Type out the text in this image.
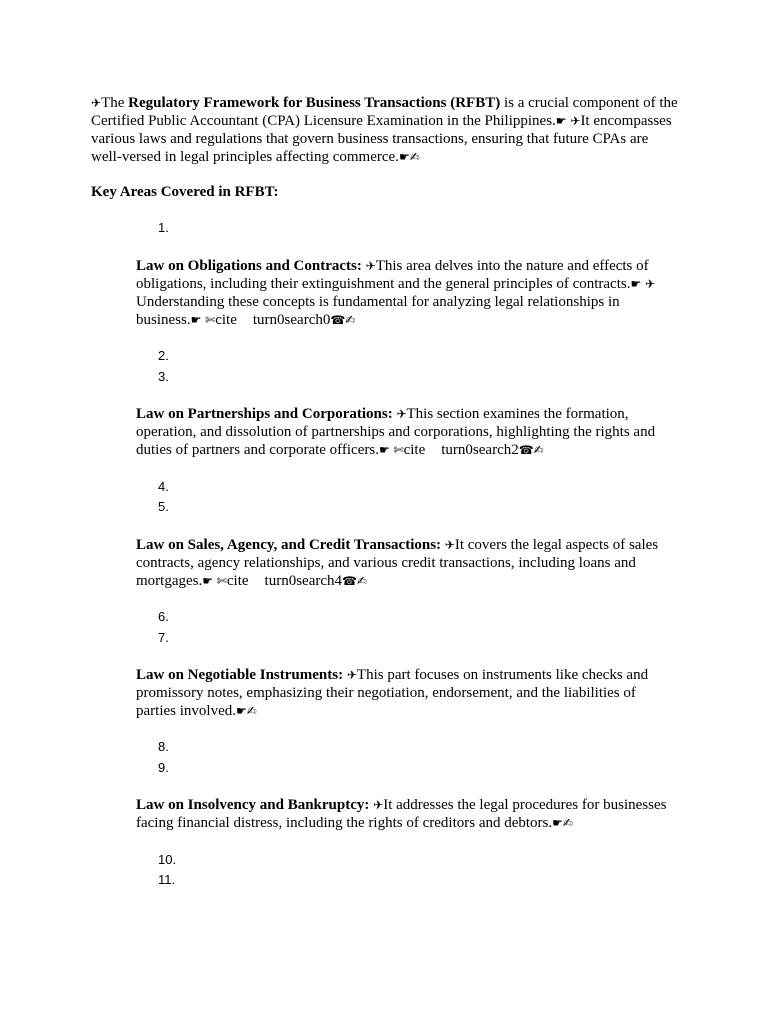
✈The Regulatory Framework for Business Transactions (RFBT) is a crucial component of the Certified Public Accountant (CPA) Licensure Examination in the Philippines.☛ ✈It encompasses various laws and regulations that govern business transactions, ensuring that future CPAs are well-versed in legal principles affecting commerce.☛✍

Key Areas Covered in RFBT:

1.
2.
3.
4.
5.
6.
7.
8.
9.
10.
11.

Law on Obligations and Contracts: ✈This area delves into the nature and effects of obligations, including their extinguishment and the general principles of contracts.☛ ✈Understanding these concepts is fundamental for analyzing legal relationships in business.☛ ✄cite turn0search0☎✍

Law on Partnerships and Corporations: ✈This section examines the formation, operation, and dissolution of partnerships and corporations, highlighting the rights and duties of partners and corporate officers.☛ ✄cite turn0search2☎✍

Law on Sales, Agency, and Credit Transactions: ✈It covers the legal aspects of sales contracts, agency relationships, and various credit transactions, including loans and mortgages.☛ ✄cite turn0search4☎✍

Law on Negotiable Instruments: ✈This part focuses on instruments like checks and promissory notes, emphasizing their negotiation, endorsement, and the liabilities of parties involved.☛✍

Law on Insolvency and Bankruptcy: ✈It addresses the legal procedures for businesses facing financial distress, including the rights of creditors and debtors.☛✍
